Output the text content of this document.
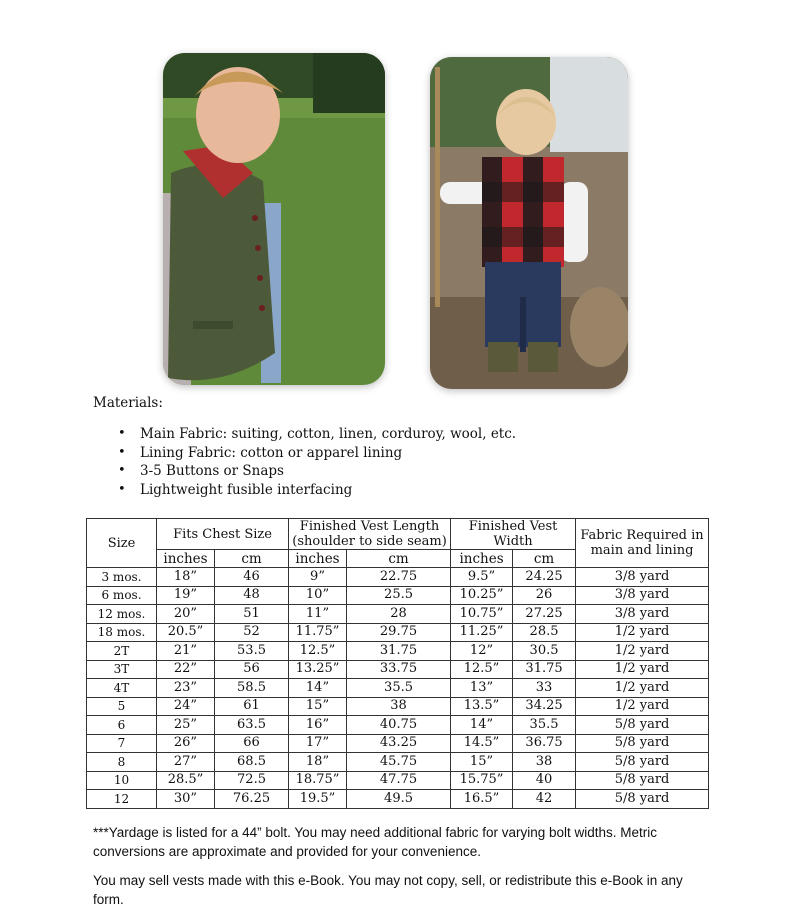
Materials:

• Main Fabric: suiting, cotton, linen, corduroy, wool, etc.
• Lining Fabric: cotton or apparel lining
• 3-5 Buttons or Snaps
• Lightweight fusible interfacing
Size	Fits Chest Size		Finished Vest Length (shoulder to side seam)		Finished Vest Width		Fabric Required in main and lining
	inches	cm	inches	cm	inches	cm	
3 mos.	18”	46	9”	22.75	9.5”	24.25	3/8 yard
6 mos.	19”	48	10”	25.5	10.25”	26	3/8 yard
12 mos.	20”	51	11”	28	10.75”	27.25	3/8 yard
18 mos.	20.5”	52	11.75”	29.75	11.25”	28.5	1/2 yard
2T	21”	53.5	12.5”	31.75	12”	30.5	1/2 yard
3T	22”	56	13.25”	33.75	12.5”	31.75	1/2 yard
4T	23”	58.5	14”	35.5	13”	33	1/2 yard
5	24”	61	15”	38	13.5”	34.25	1/2 yard
6	25”	63.5	16”	40.75	14”	35.5	5/8 yard
7	26”	66	17”	43.25	14.5”	36.75	5/8 yard
8	27”	68.5	18”	45.75	15”	38	5/8 yard
10	28.5”	72.5	18.75”	47.75	15.75”	40	5/8 yard
12	30”	76.25	19.5”	49.5	16.5”	42	5/8 yard

***Yardage is listed for a 44” bolt. You may need additional fabric for varying bolt widths. Metric conversions are approximate and provided for your convenience.

You may sell vests made with this e-Book. You may not copy, sell, or redistribute this e-Book in any form.
